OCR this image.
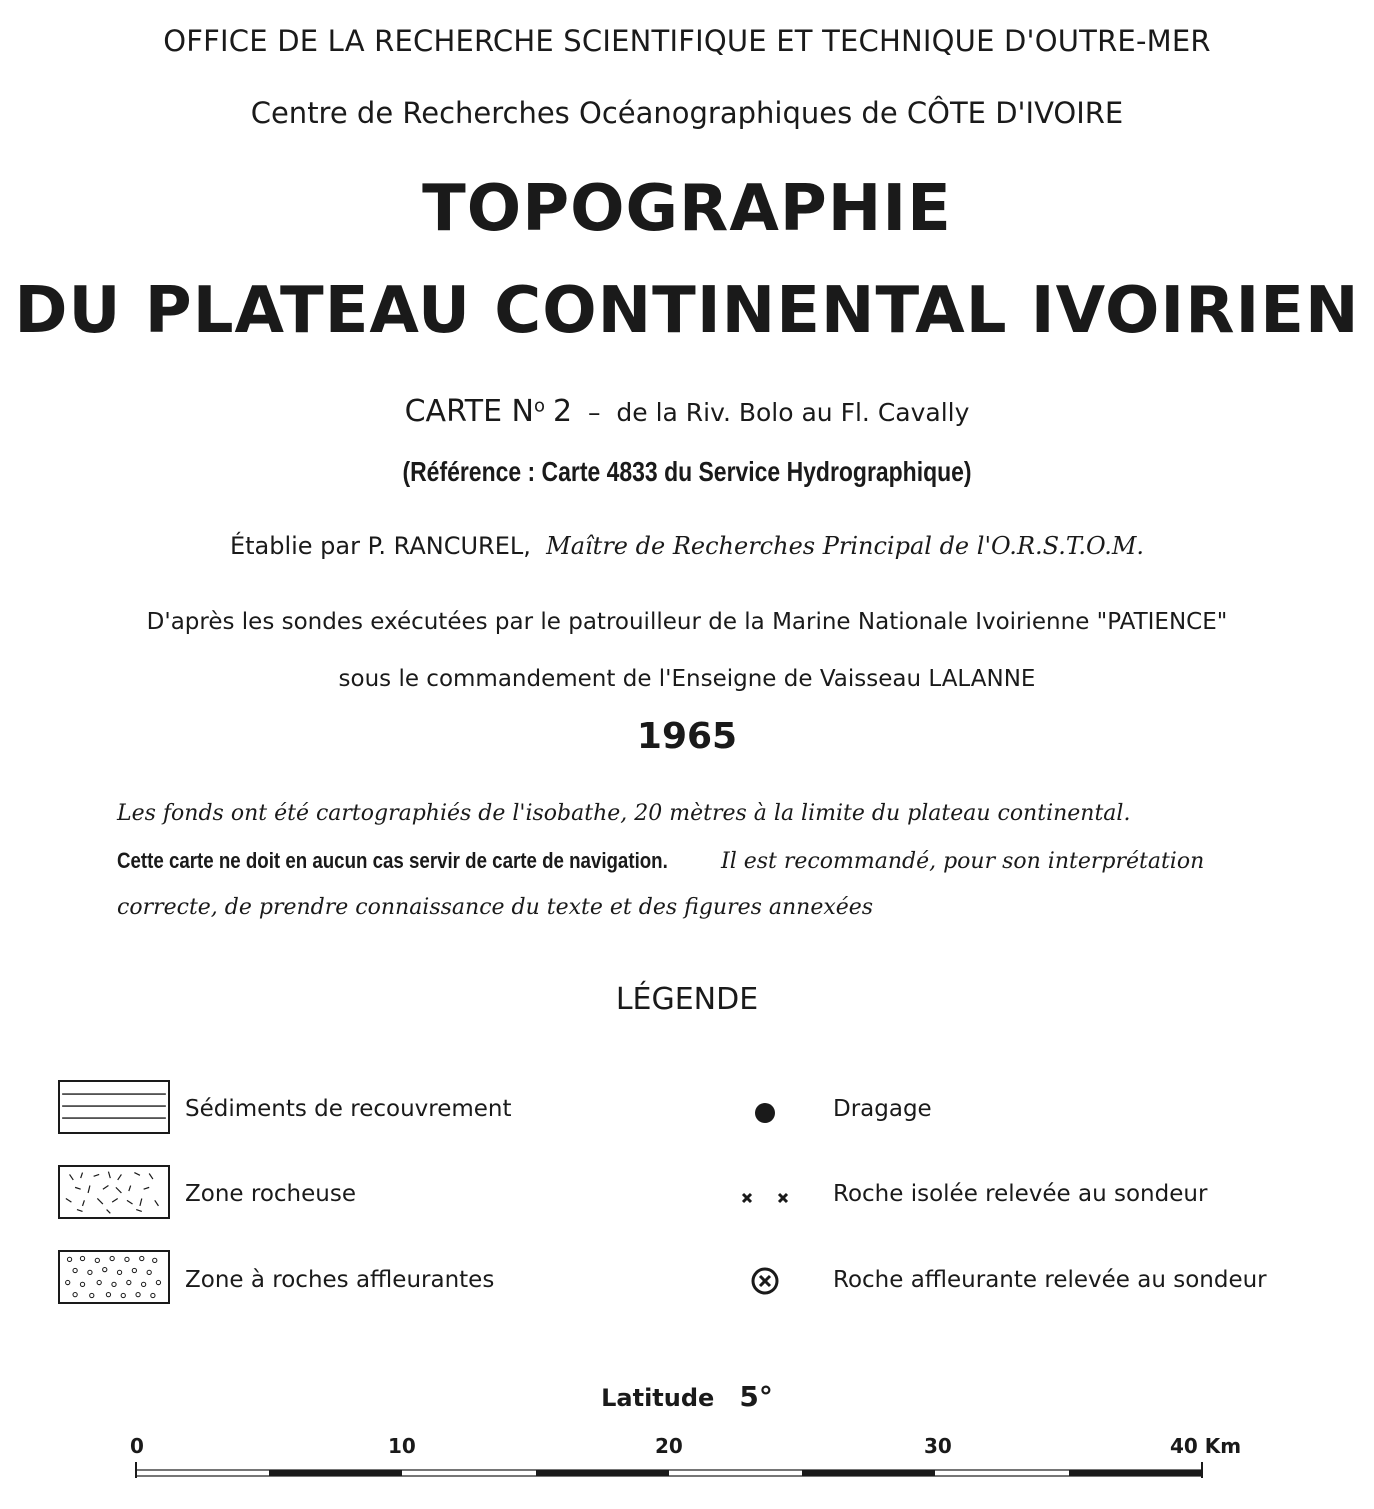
OFFICE DE LA RECHERCHE SCIENTIFIQUE ET TECHNIQUE D'OUTRE-MER
Centre de Recherches Océanographiques de CÔTE D'IVOIRE
TOPOGRAPHIE
DU PLATEAU CONTINENTAL IVOIRIEN
CARTE $N^o$ 2 – de la Riv. Bolo au Fl. Cavally
(Référence : Carte 4833 du Service Hydrographique)
Établie par P. RANCUREL, Maître de Recherches Principal de l'O.R.S.T.O.M.
D'après les sondes exécutées par le patrouilleur de la Marine Nationale Ivoirienne "PATIENCE"
sous le commandement de l'Enseigne de Vaisseau LALANNE
1965
Les fonds ont été cartographiés de l'isobathe, 20 mètres à la limite du plateau continental.
Cette carte ne doit en aucun cas servir de carte de navigation. Il est recommandé, pour son interprétation
correcte, de prendre connaissance du texte et des figures annexées
LÉGENDE
Sédiments de recouvrement
Zone rocheuse
Zone à roches affleurantes
Dragage
Roche isolée relevée au sondeur
Roche affleurante relevée au sondeur
Latitude 5°
0	10	20	30	40 Km
